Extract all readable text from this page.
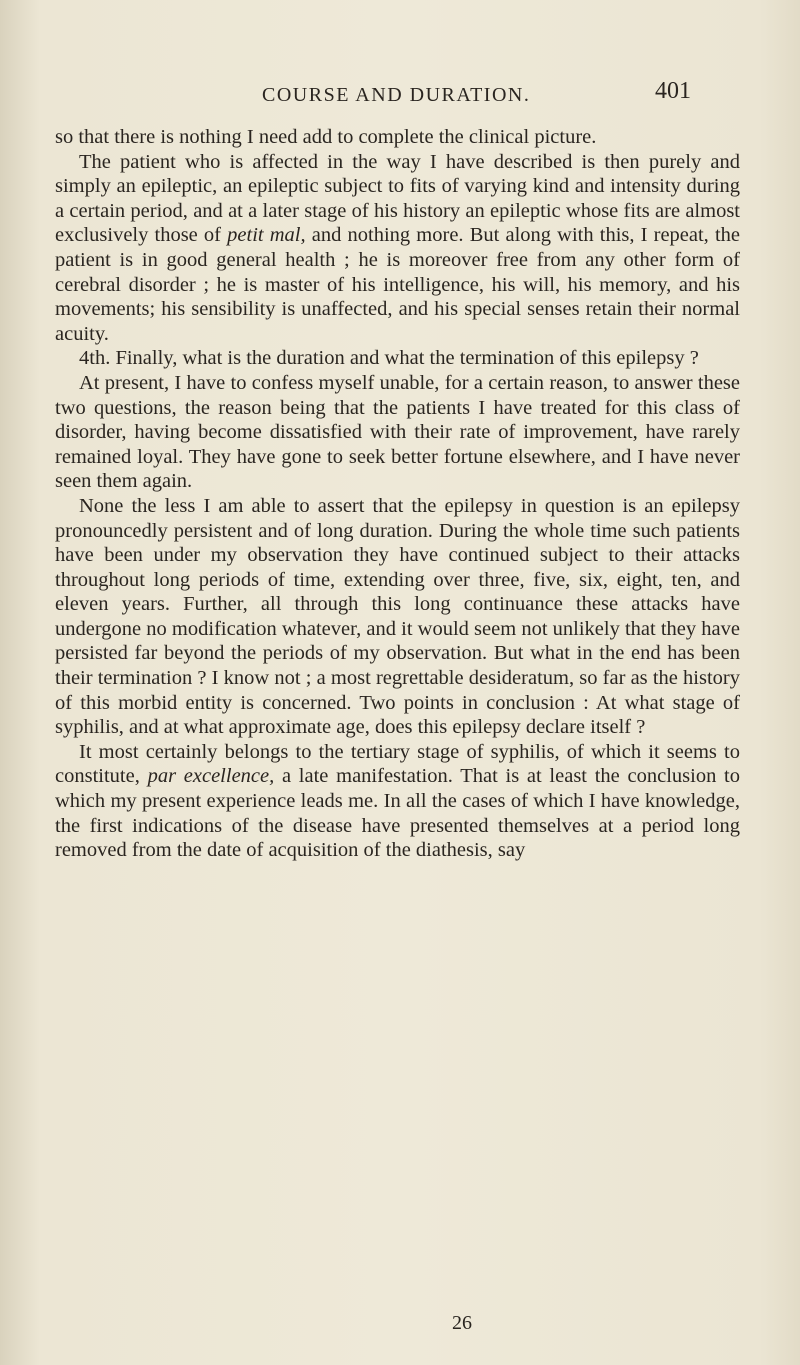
COURSE AND DURATION.	401

so that there is nothing I need add to complete the clinical picture.

The patient who is affected in the way I have described is then purely and simply an epileptic, an epileptic subject to fits of varying kind and intensity during a certain period, and at a later stage of his history an epileptic whose fits are almost exclusively those of petit mal, and nothing more. But along with this, I repeat, the patient is in good general health ; he is moreover free from any other form of cerebral disorder ; he is master of his intelligence, his will, his memory, and his movements; his sensibility is unaffected, and his special senses retain their normal acuity.

4th. Finally, what is the duration and what the termination of this epilepsy ?

At present, I have to confess myself unable, for a certain reason, to answer these two questions, the reason being that the patients I have treated for this class of disorder, having become dissatisfied with their rate of improvement, have rarely remained loyal. They have gone to seek better fortune elsewhere, and I have never seen them again.

None the less I am able to assert that the epilepsy in question is an epilepsy pronouncedly persistent and of long duration. During the whole time such patients have been under my observation they have continued subject to their attacks throughout long periods of time, extending over three, five, six, eight, ten, and eleven years. Further, all through this long continuance these attacks have undergone no modification whatever, and it would seem not unlikely that they have persisted far beyond the periods of my observation. But what in the end has been their termination ? I know not ; a most regrettable desideratum, so far as the history of this morbid entity is concerned. Two points in conclusion : At what stage of syphilis, and at what approximate age, does this epilepsy declare itself ?

It most certainly belongs to the tertiary stage of syphilis, of which it seems to constitute, par excellence, a late manifestation. That is at least the conclusion to which my present experience leads me. In all the cases of which I have knowledge, the first indications of the disease have presented themselves at a period long removed from the date of acquisition of the diathesis, say

26
